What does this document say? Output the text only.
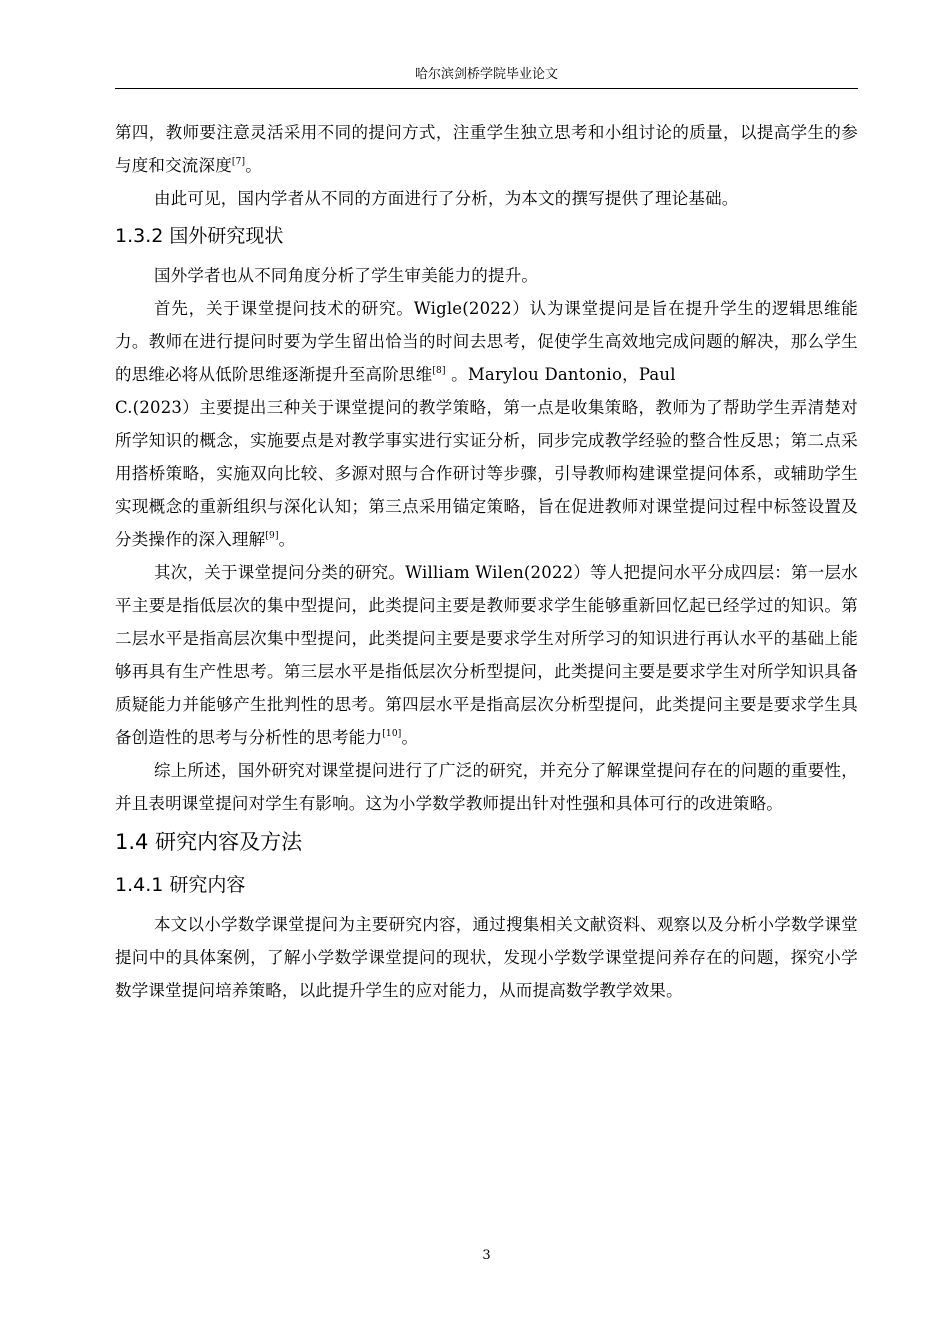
哈尔滨剑桥学院毕业论文

第四，教师要注意灵活采用不同的提问方式，注重学生独立思考和小组讨论的质量，以提高学生的参与度和交流深度[7]。

由此可见，国内学者从不同的方面进行了分析，为本文的撰写提供了理论基础。

1.3.2 国外研究现状

国外学者也从不同角度分析了学生审美能力的提升。

首先，关于课堂提问技术的研究。Wigle(2022）认为课堂提问是旨在提升学生的逻辑思维能力。教师在进行提问时要为学生留出恰当的时间去思考，促使学生高效地完成问题的解决，那么学生的思维必将从低阶思维逐渐提升至高阶思维[8] 。Marylou Dantonio，Paul

C.(2023）主要提出三种关于课堂提问的教学策略，第一点是收集策略，教师为了帮助学生弄清楚对所学知识的概念，实施要点是对教学事实进行实证分析，同步完成教学经验的整合性反思；第二点采用搭桥策略，实施双向比较、多源对照与合作研讨等步骤，引导教师构建课堂提问体系，或辅助学生实现概念的重新组织与深化认知；第三点采用锚定策略，旨在促进教师对课堂提问过程中标签设置及分类操作的深入理解[9]。

其次，关于课堂提问分类的研究。William Wilen(2022）等人把提问水平分成四层：第一层水平主要是指低层次的集中型提问，此类提问主要是教师要求学生能够重新回忆起已经学过的知识。第二层水平是指高层次集中型提问，此类提问主要是要求学生对所学习的知识进行再认水平的基础上能够再具有生产性思考。第三层水平是指低层次分析型提问，此类提问主要是要求学生对所学知识具备质疑能力并能够产生批判性的思考。第四层水平是指高层次分析型提问，此类提问主要是要求学生具备创造性的思考与分析性的思考能力[10]。

综上所述，国外研究对课堂提问进行了广泛的研究，并充分了解课堂提问存在的问题的重要性，并且表明课堂提问对学生有影响。这为小学数学教师提出针对性强和具体可行的改进策略。

1.4 研究内容及方法
1.4.1 研究内容

本文以小学数学课堂提问为主要研究内容，通过搜集相关文献资料、观察以及分析小学数学课堂提问中的具体案例，了解小学数学课堂提问的现状，发现小学数学课堂提问养存在的问题，探究小学数学课堂提问培养策略，以此提升学生的应对能力，从而提高数学教学效果。

3
